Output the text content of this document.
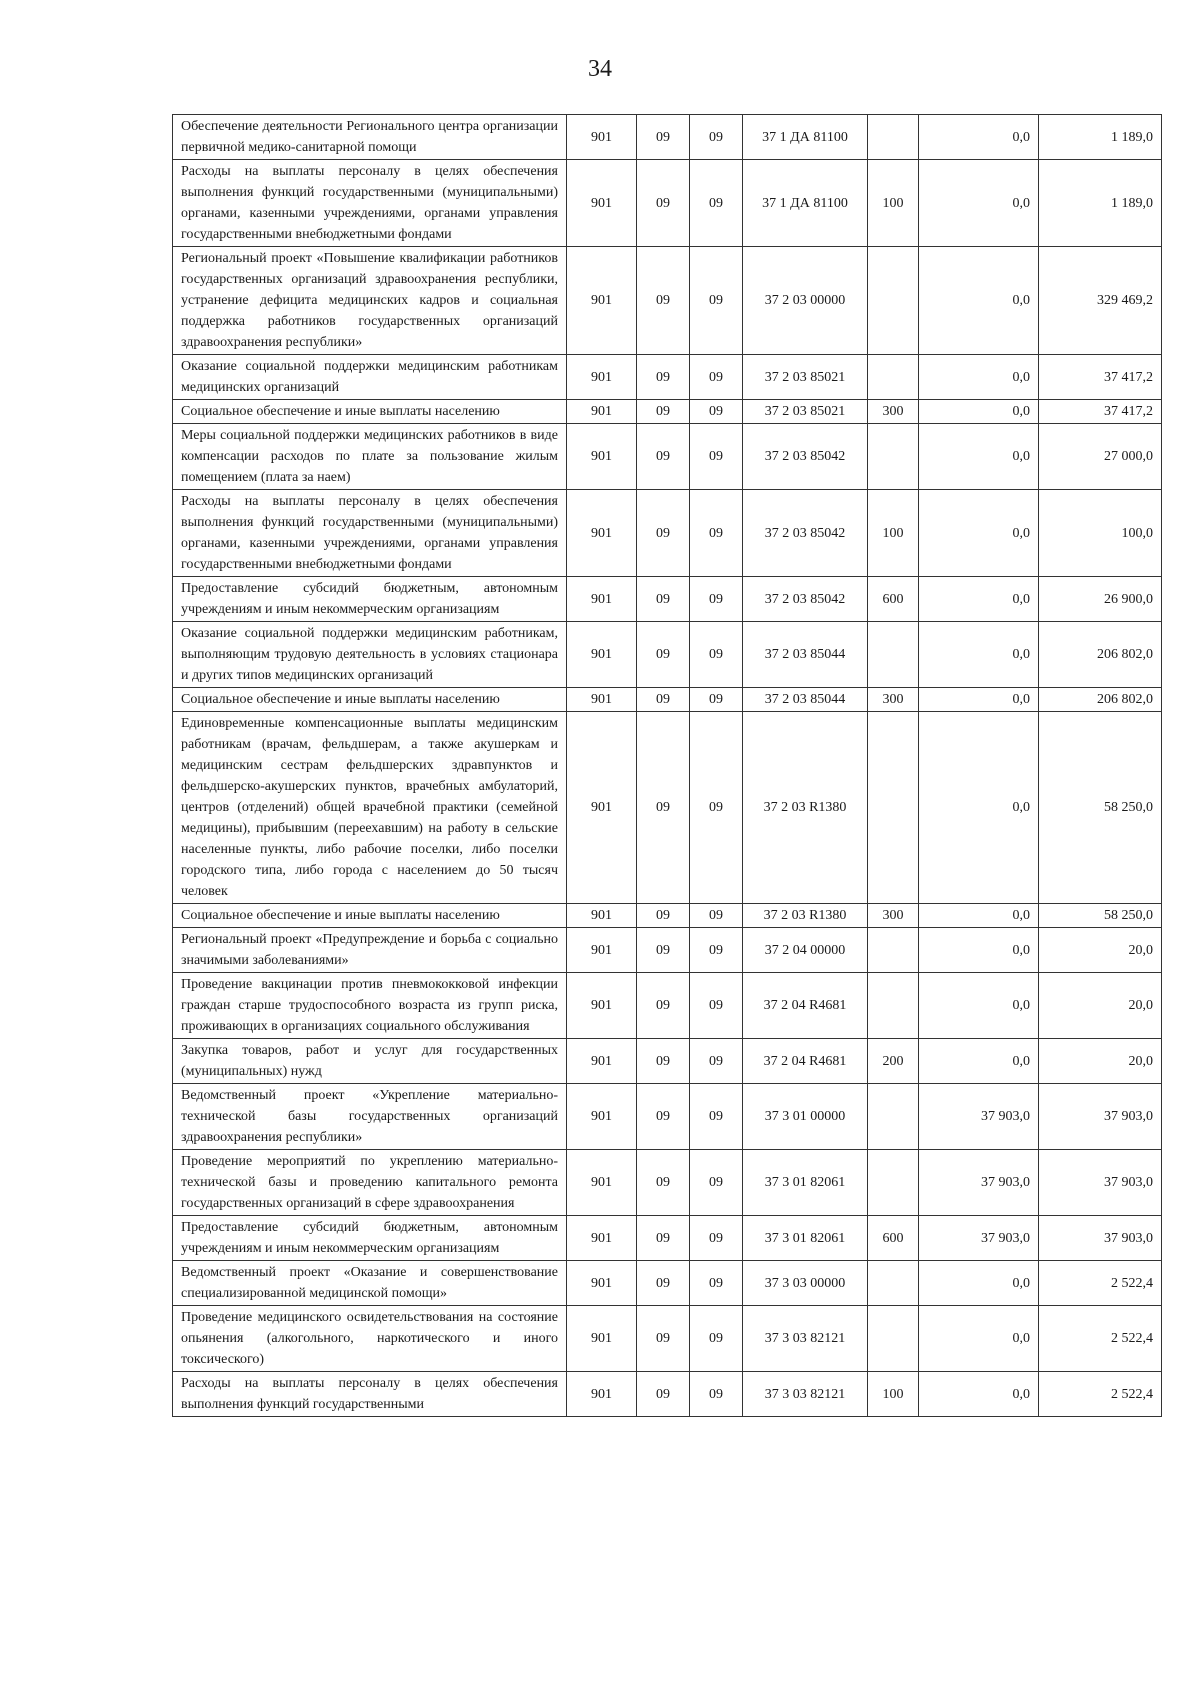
34
Обеспечение деятельности Регионального центра организации первичной медико-санитарной помощи	901	09	09	37 1 ДА 81100		0,0	1 189,0
Расходы на выплаты персоналу в целях обеспечения выполнения функций государственными (муниципальными) органами, казенными учреждениями, органами управления государственными внебюджетными фондами	901	09	09	37 1 ДА 81100	100	0,0	1 189,0
Региональный проект «Повышение квалификации работников государственных организаций здравоохранения республики, устранение дефицита медицинских кадров и социальная поддержка работников государственных организаций здравоохранения республики»	901	09	09	37 2 03 00000		0,0	329 469,2
Оказание социальной поддержки медицинским работникам медицинских организаций	901	09	09	37 2 03 85021		0,0	37 417,2
Социальное обеспечение и иные выплаты населению	901	09	09	37 2 03 85021	300	0,0	37 417,2
Меры социальной поддержки медицинских работников в виде компенсации расходов по плате за пользование жилым помещением (плата за наем)	901	09	09	37 2 03 85042		0,0	27 000,0
Расходы на выплаты персоналу в целях обеспечения выполнения функций государственными (муниципальными) органами, казенными учреждениями, органами управления государственными внебюджетными фондами	901	09	09	37 2 03 85042	100	0,0	100,0
Предоставление субсидий бюджетным, автономным учреждениям и иным некоммерческим организациям	901	09	09	37 2 03 85042	600	0,0	26 900,0
Оказание социальной поддержки медицинским работникам, выполняющим трудовую деятельность в условиях стационара и других типов медицинских организаций	901	09	09	37 2 03 85044		0,0	206 802,0
Социальное обеспечение и иные выплаты населению	901	09	09	37 2 03 85044	300	0,0	206 802,0
Единовременные компенсационные выплаты медицинским работникам (врачам, фельдшерам, а также акушеркам и медицинским сестрам фельдшерских здравпунктов и фельдшерско-акушерских пунктов, врачебных амбулаторий, центров (отделений) общей врачебной практики (семейной медицины), прибывшим (переехавшим) на работу в сельские населенные пункты, либо рабочие поселки, либо поселки городского типа, либо города с населением до 50 тысяч человек	901	09	09	37 2 03 R1380		0,0	58 250,0
Социальное обеспечение и иные выплаты населению	901	09	09	37 2 03 R1380	300	0,0	58 250,0
Региональный проект «Предупреждение и борьба с социально значимыми заболеваниями»	901	09	09	37 2 04 00000		0,0	20,0
Проведение вакцинации против пневмококковой инфекции граждан старше трудоспособного возраста из групп риска, проживающих в организациях социального обслуживания	901	09	09	37 2 04 R4681		0,0	20,0
Закупка товаров, работ и услуг для государственных (муниципальных) нужд	901	09	09	37 2 04 R4681	200	0,0	20,0
Ведомственный проект «Укрепление материально-технической базы государственных организаций здравоохранения республики»	901	09	09	37 3 01 00000		37 903,0	37 903,0
Проведение мероприятий по укреплению материально-технической базы и проведению капитального ремонта государственных организаций в сфере здравоохранения	901	09	09	37 3 01 82061		37 903,0	37 903,0
Предоставление субсидий бюджетным, автономным учреждениям и иным некоммерческим организациям	901	09	09	37 3 01 82061	600	37 903,0	37 903,0
Ведомственный проект «Оказание и совершенствование специализированной медицинской помощи»	901	09	09	37 3 03 00000		0,0	2 522,4
Проведение медицинского освидетельствования на состояние опьянения (алкогольного, наркотического и иного токсического)	901	09	09	37 3 03 82121		0,0	2 522,4
Расходы на выплаты персоналу в целях обеспечения выполнения функций государственными	901	09	09	37 3 03 82121	100	0,0	2 522,4
